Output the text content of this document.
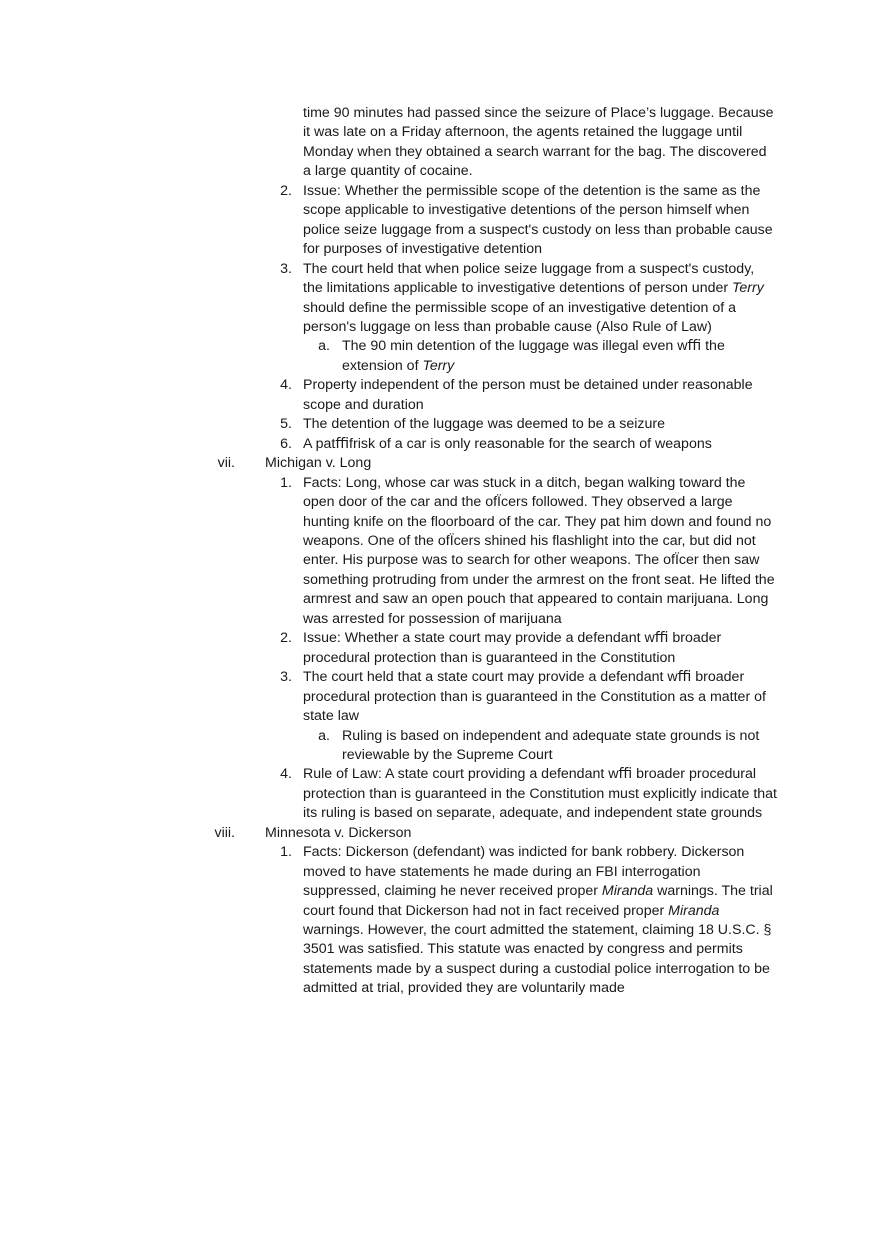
time 90 minutes had passed since the seizure of Place’s luggage. Because it was late on a Friday afternoon, the agents retained the luggage until Monday when they obtained a search warrant for the bag. The discovered a large quantity of cocaine.
2. Issue: Whether the permissible scope of the detention is the same as the scope applicable to investigative detentions of the person himself when police seize luggage from a suspect's custody on less than probable cause for purposes of investigative detention
3. The court held that when police seize luggage from a suspect's custody, the limitations applicable to investigative detentions of person under Terry should define the permissible scope of an investigative detention of a person's luggage on less than probable cause (Also Rule of Law)
a. The 90 min detention of the luggage was illegal even wﬃ the extension of Terry
4. Property independent of the person must be detained under reasonable scope and duration
5. The detention of the luggage was deemed to be a seizure
6. A patﬃfrisk of a car is only reasonable for the search of weapons
vii. Michigan v. Long
1. Facts: Long, whose car was stuck in a ditch, began walking toward the open door of the car and the ofÏcers followed. They observed a large hunting knife on the floorboard of the car. They pat him down and found no weapons. One of the ofÏcers shined his flashlight into the car, but did not enter. His purpose was to search for other weapons. The ofÏcer then saw something protruding from under the armrest on the front seat. He lifted the armrest and saw an open pouch that appeared to contain marijuana. Long was arrested for possession of marijuana
2. Issue: Whether a state court may provide a defendant wﬃ broader procedural protection than is guaranteed in the Constitution
3. The court held that a state court may provide a defendant wﬃ broader procedural protection than is guaranteed in the Constitution as a matter of state law
a. Ruling is based on independent and adequate state grounds is not reviewable by the Supreme Court
4. Rule of Law: A state court providing a defendant wﬃ broader procedural protection than is guaranteed in the Constitution must explicitly indicate that its ruling is based on separate, adequate, and independent state grounds
viii. Minnesota v. Dickerson
1. Facts: Dickerson (defendant) was indicted for bank robbery. Dickerson moved to have statements he made during an FBI interrogation suppressed, claiming he never received proper Miranda warnings. The trial court found that Dickerson had not in fact received proper Miranda warnings. However, the court admitted the statement, claiming 18 U.S.C. § 3501 was satisfied. This statute was enacted by congress and permits statements made by a suspect during a custodial police interrogation to be admitted at trial, provided they are voluntarily made
